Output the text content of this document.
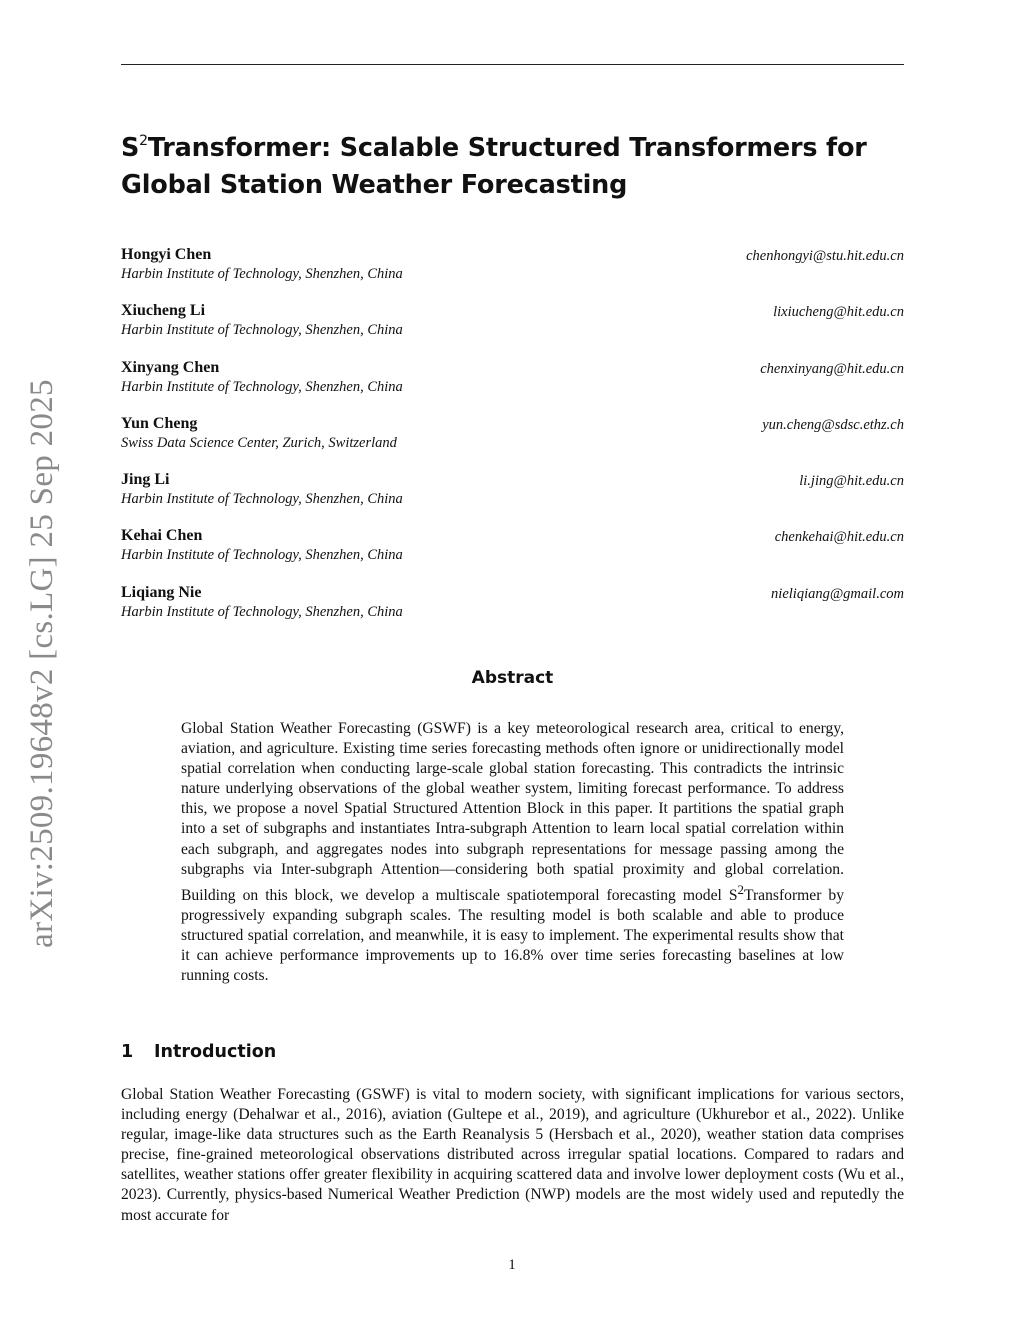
arXiv:2509.19648v2 [cs.LG] 25 Sep 2025
$S^2Transformer$: Scalable Structured Transformers for Global Station Weather Forecasting
Hongyi Chen
Harbin Institute of Technology, Shenzhen, China
chenhongyi@stu.hit.edu.cn
Xiucheng Li
Harbin Institute of Technology, Shenzhen, China
lixiucheng@hit.edu.cn
Xinyang Chen
Harbin Institute of Technology, Shenzhen, China
chenxinyang@hit.edu.cn
Yun Cheng
Swiss Data Science Center, Zurich, Switzerland
yun.cheng@sdsc.ethz.ch
Jing Li
Harbin Institute of Technology, Shenzhen, China
li.jing@hit.edu.cn
Kehai Chen
Harbin Institute of Technology, Shenzhen, China
chenkehai@hit.edu.cn
Liqiang Nie
Harbin Institute of Technology, Shenzhen, China
nieliqiang@gmail.com
Abstract

Global Station Weather Forecasting (GSWF) is a key meteorological research area, critical to energy, aviation, and agriculture. Existing time series forecasting methods often ignore or unidirectionally model spatial correlation when conducting large-scale global station forecasting. This contradicts the intrinsic nature underlying observations of the global weather system, limiting forecast performance. To address this, we propose a novel Spatial Structured Attention Block in this paper. It partitions the spatial graph into a set of subgraphs and instantiates Intra-subgraph Attention to learn local spatial correlation within each subgraph, and aggregates nodes into subgraph representations for message passing among the subgraphs via Inter-subgraph Attention—considering both spatial proximity and global correlation. Building on this block, we develop a multiscale spatiotemporal forecasting model $S^2Transformer$ by progressively expanding subgraph scales. The resulting model is both scalable and able to produce structured spatial correlation, and meanwhile, it is easy to implement. The experimental results show that it can achieve performance improvements up to 16.8% over time series forecasting baselines at low running costs.

1 Introduction

Global Station Weather Forecasting (GSWF) is vital to modern society, with significant implications for various sectors, including energy (Dehalwar et al., 2016), aviation (Gultepe et al., 2019), and agriculture (Ukhurebor et al., 2022). Unlike regular, image-like data structures such as the Earth Reanalysis 5 (Hersbach et al., 2020), weather station data comprises precise, fine-grained meteorological observations distributed across irregular spatial locations. Compared to radars and satellites, weather stations offer greater flexibility in acquiring scattered data and involve lower deployment costs (Wu et al., 2023). Currently, physics-based Numerical Weather Prediction (NWP) models are the most widely used and reputedly the most accurate for

1
